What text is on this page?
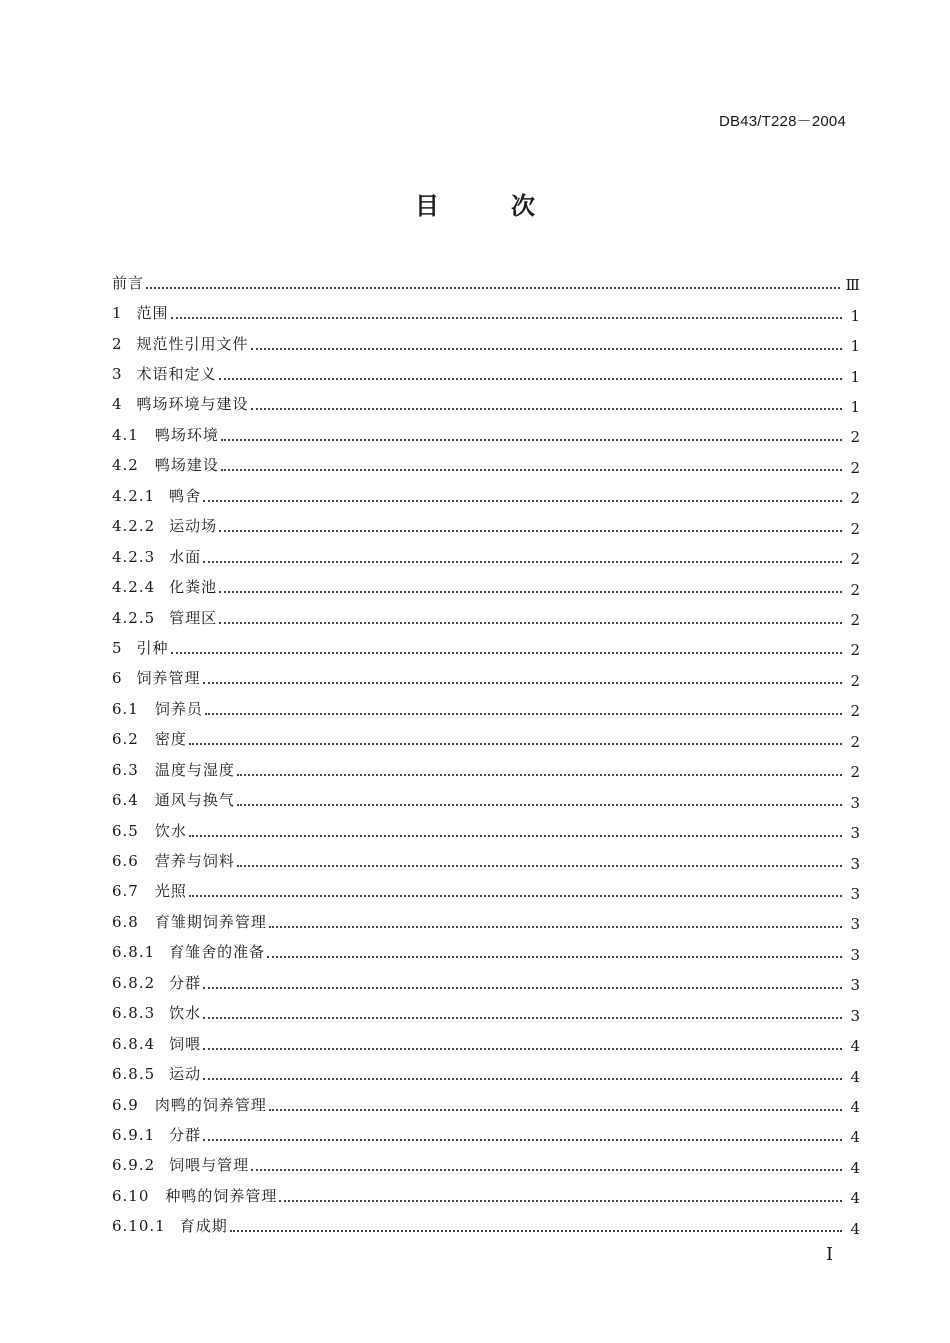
DB43/T228－2004
目	次
前言	Ⅲ
1 范围	1
2 规范性引用文件	1
3 术语和定义	1
4 鸭场环境与建设	1
4.1 鸭场环境	2
4.2 鸭场建设	2
4.2.1 鸭舍	2
4.2.2 运动场	2
4.2.3 水面	2
4.2.4 化粪池	2
4.2.5 管理区	2
5 引种	2
6 饲养管理	2
6.1 饲养员	2
6.2 密度	2
6.3 温度与湿度	2
6.4 通风与换气	3
6.5 饮水	3
6.6 营养与饲料	3
6.7 光照	3
6.8 育雏期饲养管理	3
6.8.1 育雏舍的准备	3
6.8.2 分群	3
6.8.3 饮水	3
6.8.4 饲喂	4
6.8.5 运动	4
6.9 肉鸭的饲养管理	4
6.9.1 分群	4
6.9.2 饲喂与管理	4
6.10 种鸭的饲养管理	4
6.10.1 育成期	4
Ⅰ
